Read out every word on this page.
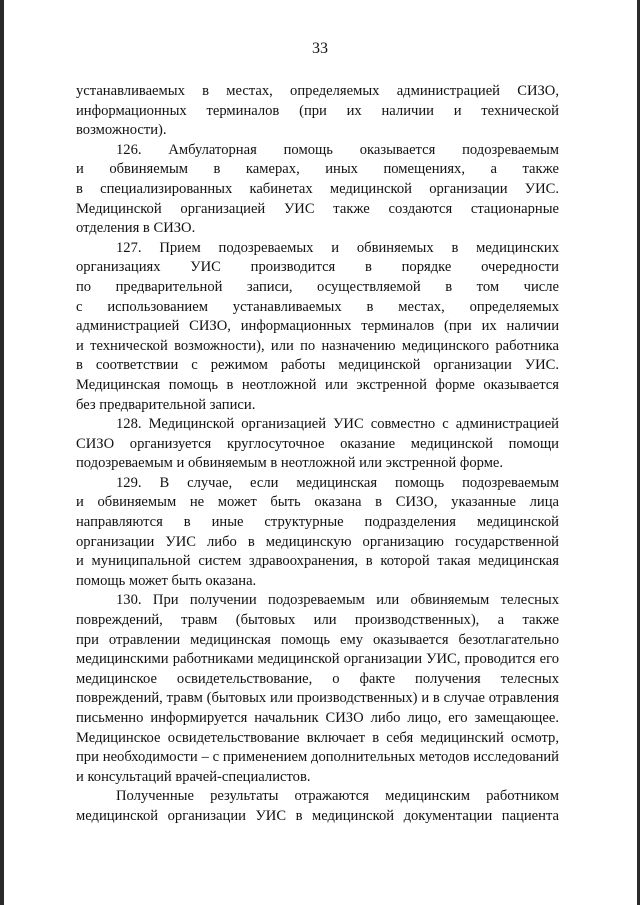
33

устанавливаемых в местах, определяемых администрацией СИЗО,
информационных терминалов (при их наличии и технической
возможности).

126. Амбулаторная помощь оказывается подозреваемым
и обвиняемым в камерах, иных помещениях, а также
в специализированных кабинетах медицинской организации УИС.
Медицинской организацией УИС также создаются стационарные
отделения в СИЗО.

127. Прием подозреваемых и обвиняемых в медицинских
организациях УИС производится в порядке очередности
по предварительной записи, осуществляемой в том числе
с использованием устанавливаемых в местах, определяемых
администрацией СИЗО, информационных терминалов (при их наличии
и технической возможности), или по назначению медицинского работника
в соответствии с режимом работы медицинской организации УИС.
Медицинская помощь в неотложной или экстренной форме оказывается
без предварительной записи.

128. Медицинской организацией УИС совместно с администрацией
СИЗО организуется круглосуточное оказание медицинской помощи
подозреваемым и обвиняемым в неотложной или экстренной форме.

129. В случае, если медицинская помощь подозреваемым
и обвиняемым не может быть оказана в СИЗО, указанные лица
направляются в иные структурные подразделения медицинской
организации УИС либо в медицинскую организацию государственной
и муниципальной систем здравоохранения, в которой такая медицинская
помощь может быть оказана.

130. При получении подозреваемым или обвиняемым телесных
повреждений, травм (бытовых или производственных), а также
при отравлении медицинская помощь ему оказывается безотлагательно
медицинскими работниками медицинской организации УИС, проводится его
медицинское освидетельствование, о факте получения телесных
повреждений, травм (бытовых или производственных) и в случае отравления
письменно информируется начальник СИЗО либо лицо, его замещающее.
Медицинское освидетельствование включает в себя медицинский осмотр,
при необходимости – с применением дополнительных методов исследований
и консультаций врачей-специалистов.

Полученные результаты отражаются медицинским работником
медицинской организации УИС в медицинской документации пациента
